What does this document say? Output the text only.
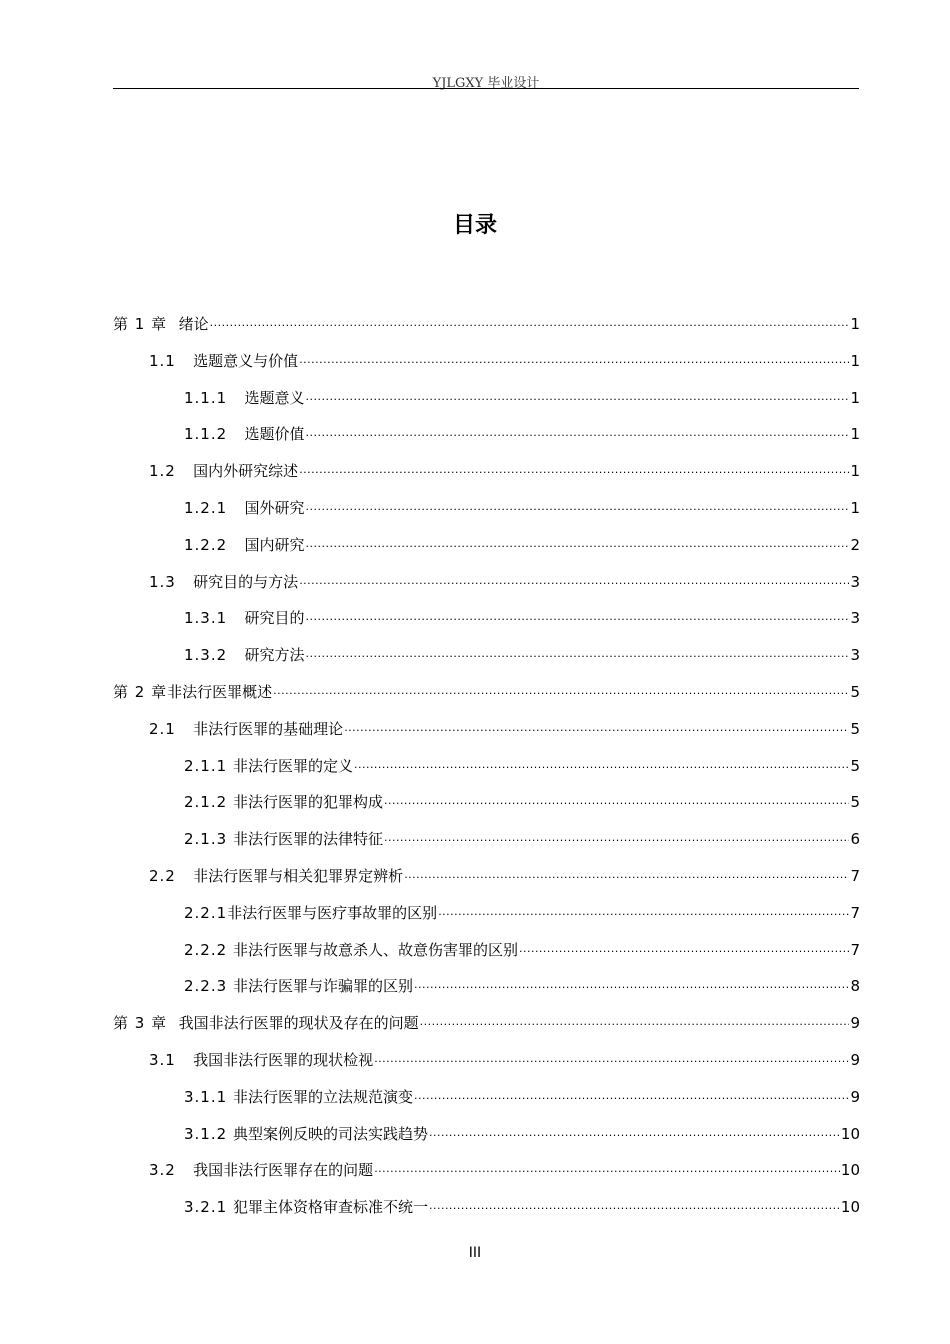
YJLGXY 毕业设计
目录
第 1 章 绪论 ·····	1
1.1 选题意义与价值 ·····	1
1.1.1 选题意义 ·····	1
1.1.2 选题价值 ·····	1
1.2 国内外研究综述 ·····	1
1.2.1 国外研究 ·····	1
1.2.2 国内研究 ·····	2
1.3 研究目的与方法 ·····	3
1.3.1 研究目的 ·····	3
1.3.2 研究方法 ·····	3
第 2 章 非法行医罪概述 ·····	5
2.1 非法行医罪的基础理论 ·····	5
2.1.1 非法行医罪的定义 ·····	5
2.1.2 非法行医罪的犯罪构成 ·····	5
2.1.3 非法行医罪的法律特征 ·····	6
2.2 非法行医罪与相关犯罪界定辨析 ·····	7
2.2.1 非法行医罪与医疗事故罪的区别 ·····	7
2.2.2 非法行医罪与故意杀人、故意伤害罪的区别 ·····	7
2.2.3 非法行医罪与诈骗罪的区别 ·····	8
第 3 章 我国非法行医罪的现状及存在的问题 ·····	9
3.1 我国非法行医罪的现状检视 ·····	9
3.1.1 非法行医罪的立法规范演变 ·····	9
3.1.2 典型案例反映的司法实践趋势 ·····	10
3.2 我国非法行医罪存在的问题 ·····	10
3.2.1 犯罪主体资格审查标准不统一 ·····	10
III
